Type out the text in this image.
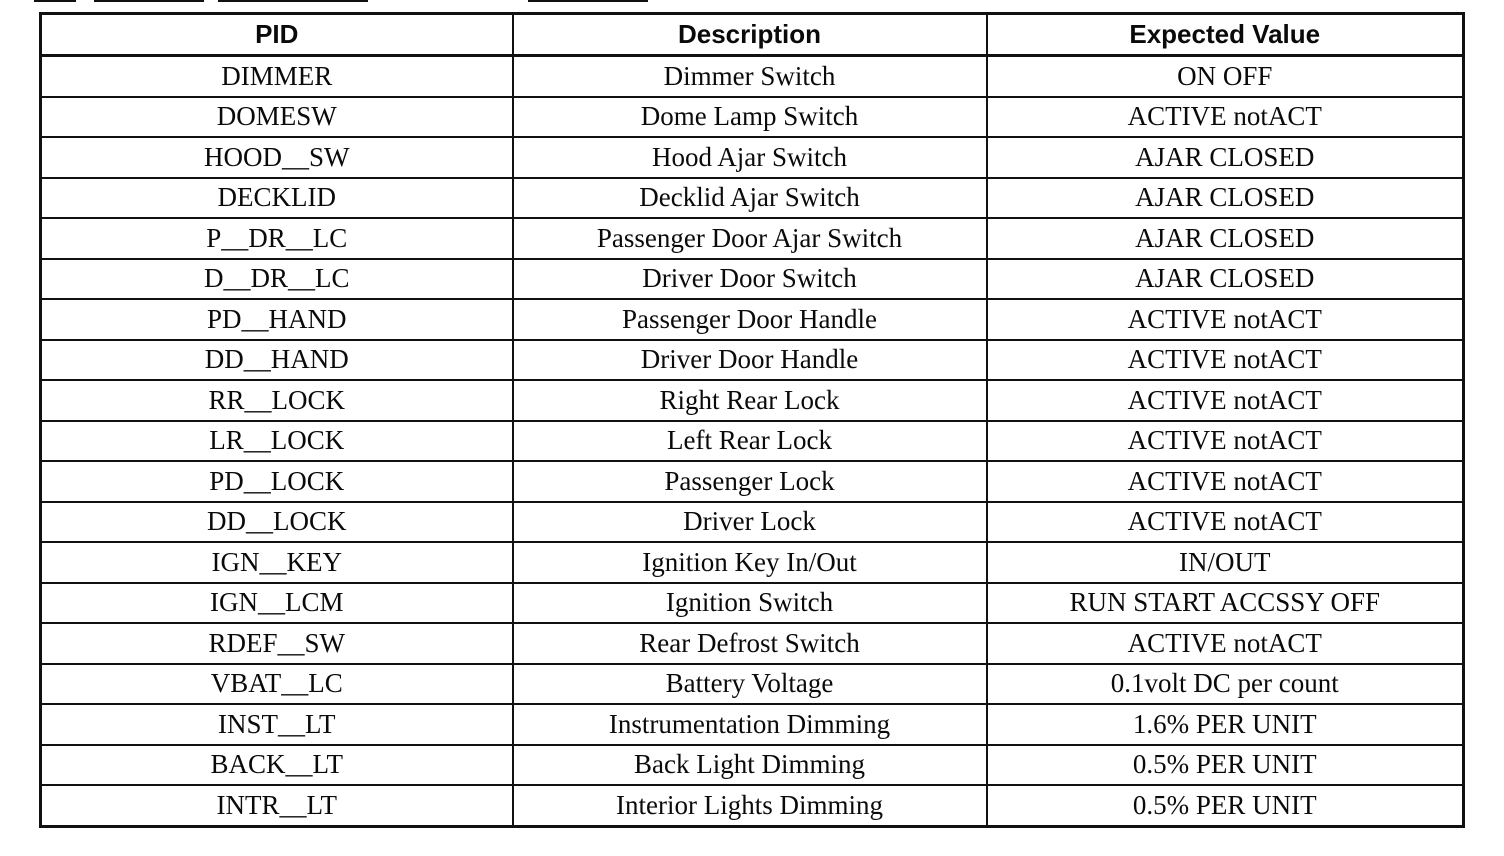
PID	Description	Expected Value
DIMMER	Dimmer Switch	ON OFF
DOMESW	Dome Lamp Switch	ACTIVE notACT
HOOD__SW	Hood Ajar Switch	AJAR CLOSED
DECKLID	Decklid Ajar Switch	AJAR CLOSED
P__DR__LC	Passenger Door Ajar Switch	AJAR CLOSED
D__DR__LC	Driver Door Switch	AJAR CLOSED
PD__HAND	Passenger Door Handle	ACTIVE notACT
DD__HAND	Driver Door Handle	ACTIVE notACT
RR__LOCK	Right Rear Lock	ACTIVE notACT
LR__LOCK	Left Rear Lock	ACTIVE notACT
PD__LOCK	Passenger Lock	ACTIVE notACT
DD__LOCK	Driver Lock	ACTIVE notACT
IGN__KEY	Ignition Key In/Out	IN/OUT
IGN__LCM	Ignition Switch	RUN START ACCSSY OFF
RDEF__SW	Rear Defrost Switch	ACTIVE notACT
VBAT__LC	Battery Voltage	0.1volt DC per count
INST__LT	Instrumentation Dimming	1.6% PER UNIT
BACK__LT	Back Light Dimming	0.5% PER UNIT
INTR__LT	Interior Lights Dimming	0.5% PER UNIT
